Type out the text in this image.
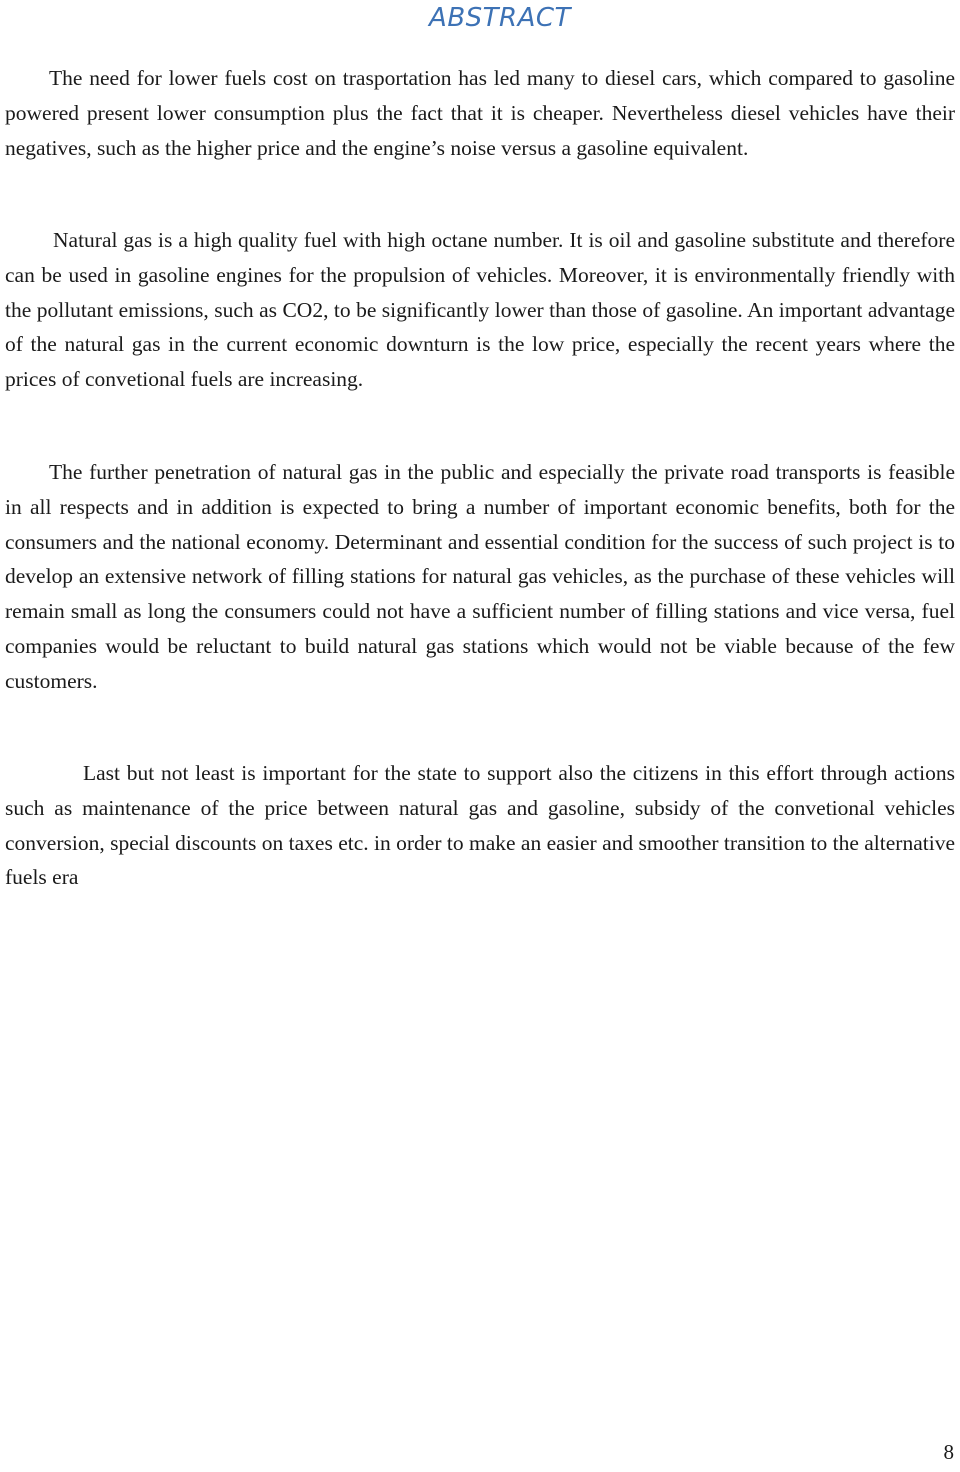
ABSTRACT

The need for lower fuels cost on trasportation has led many to diesel cars, which compared to gasoline powered present lower consumption plus the fact that it is cheaper. Nevertheless diesel vehicles have their negatives, such as the higher price and the engine’s noise versus a gasoline equivalent.

Natural gas is a high quality fuel with high octane number. It is oil and gasoline substitute and therefore can be used in gasoline engines for the propulsion of vehicles. Moreover, it is environmentally friendly with the pollutant emissions, such as CO2, to be significantly lower than those of gasoline. An important advantage of the natural gas in the current economic downturn is the low price, especially the recent years where the prices of convetional fuels are increasing.

The further penetration of natural gas in the public and especially the private road transports is feasible in all respects and in addition is expected to bring a number of important economic benefits, both for the consumers and the national economy. Determinant and essential condition for the success of such project is to develop an extensive network of filling stations for natural gas vehicles, as the purchase of these vehicles will remain small as long the consumers could not have a sufficient number of filling stations and vice versa, fuel companies would be reluctant to build natural gas stations which would not be viable because of the few customers.

Last but not least is important for the state to support also the citizens in this effort through actions such as maintenance of the price between natural gas and gasoline, subsidy of the convetional vehicles conversion, special discounts on taxes etc. in order to make an easier and smoother transition to the alternative fuels era

8
